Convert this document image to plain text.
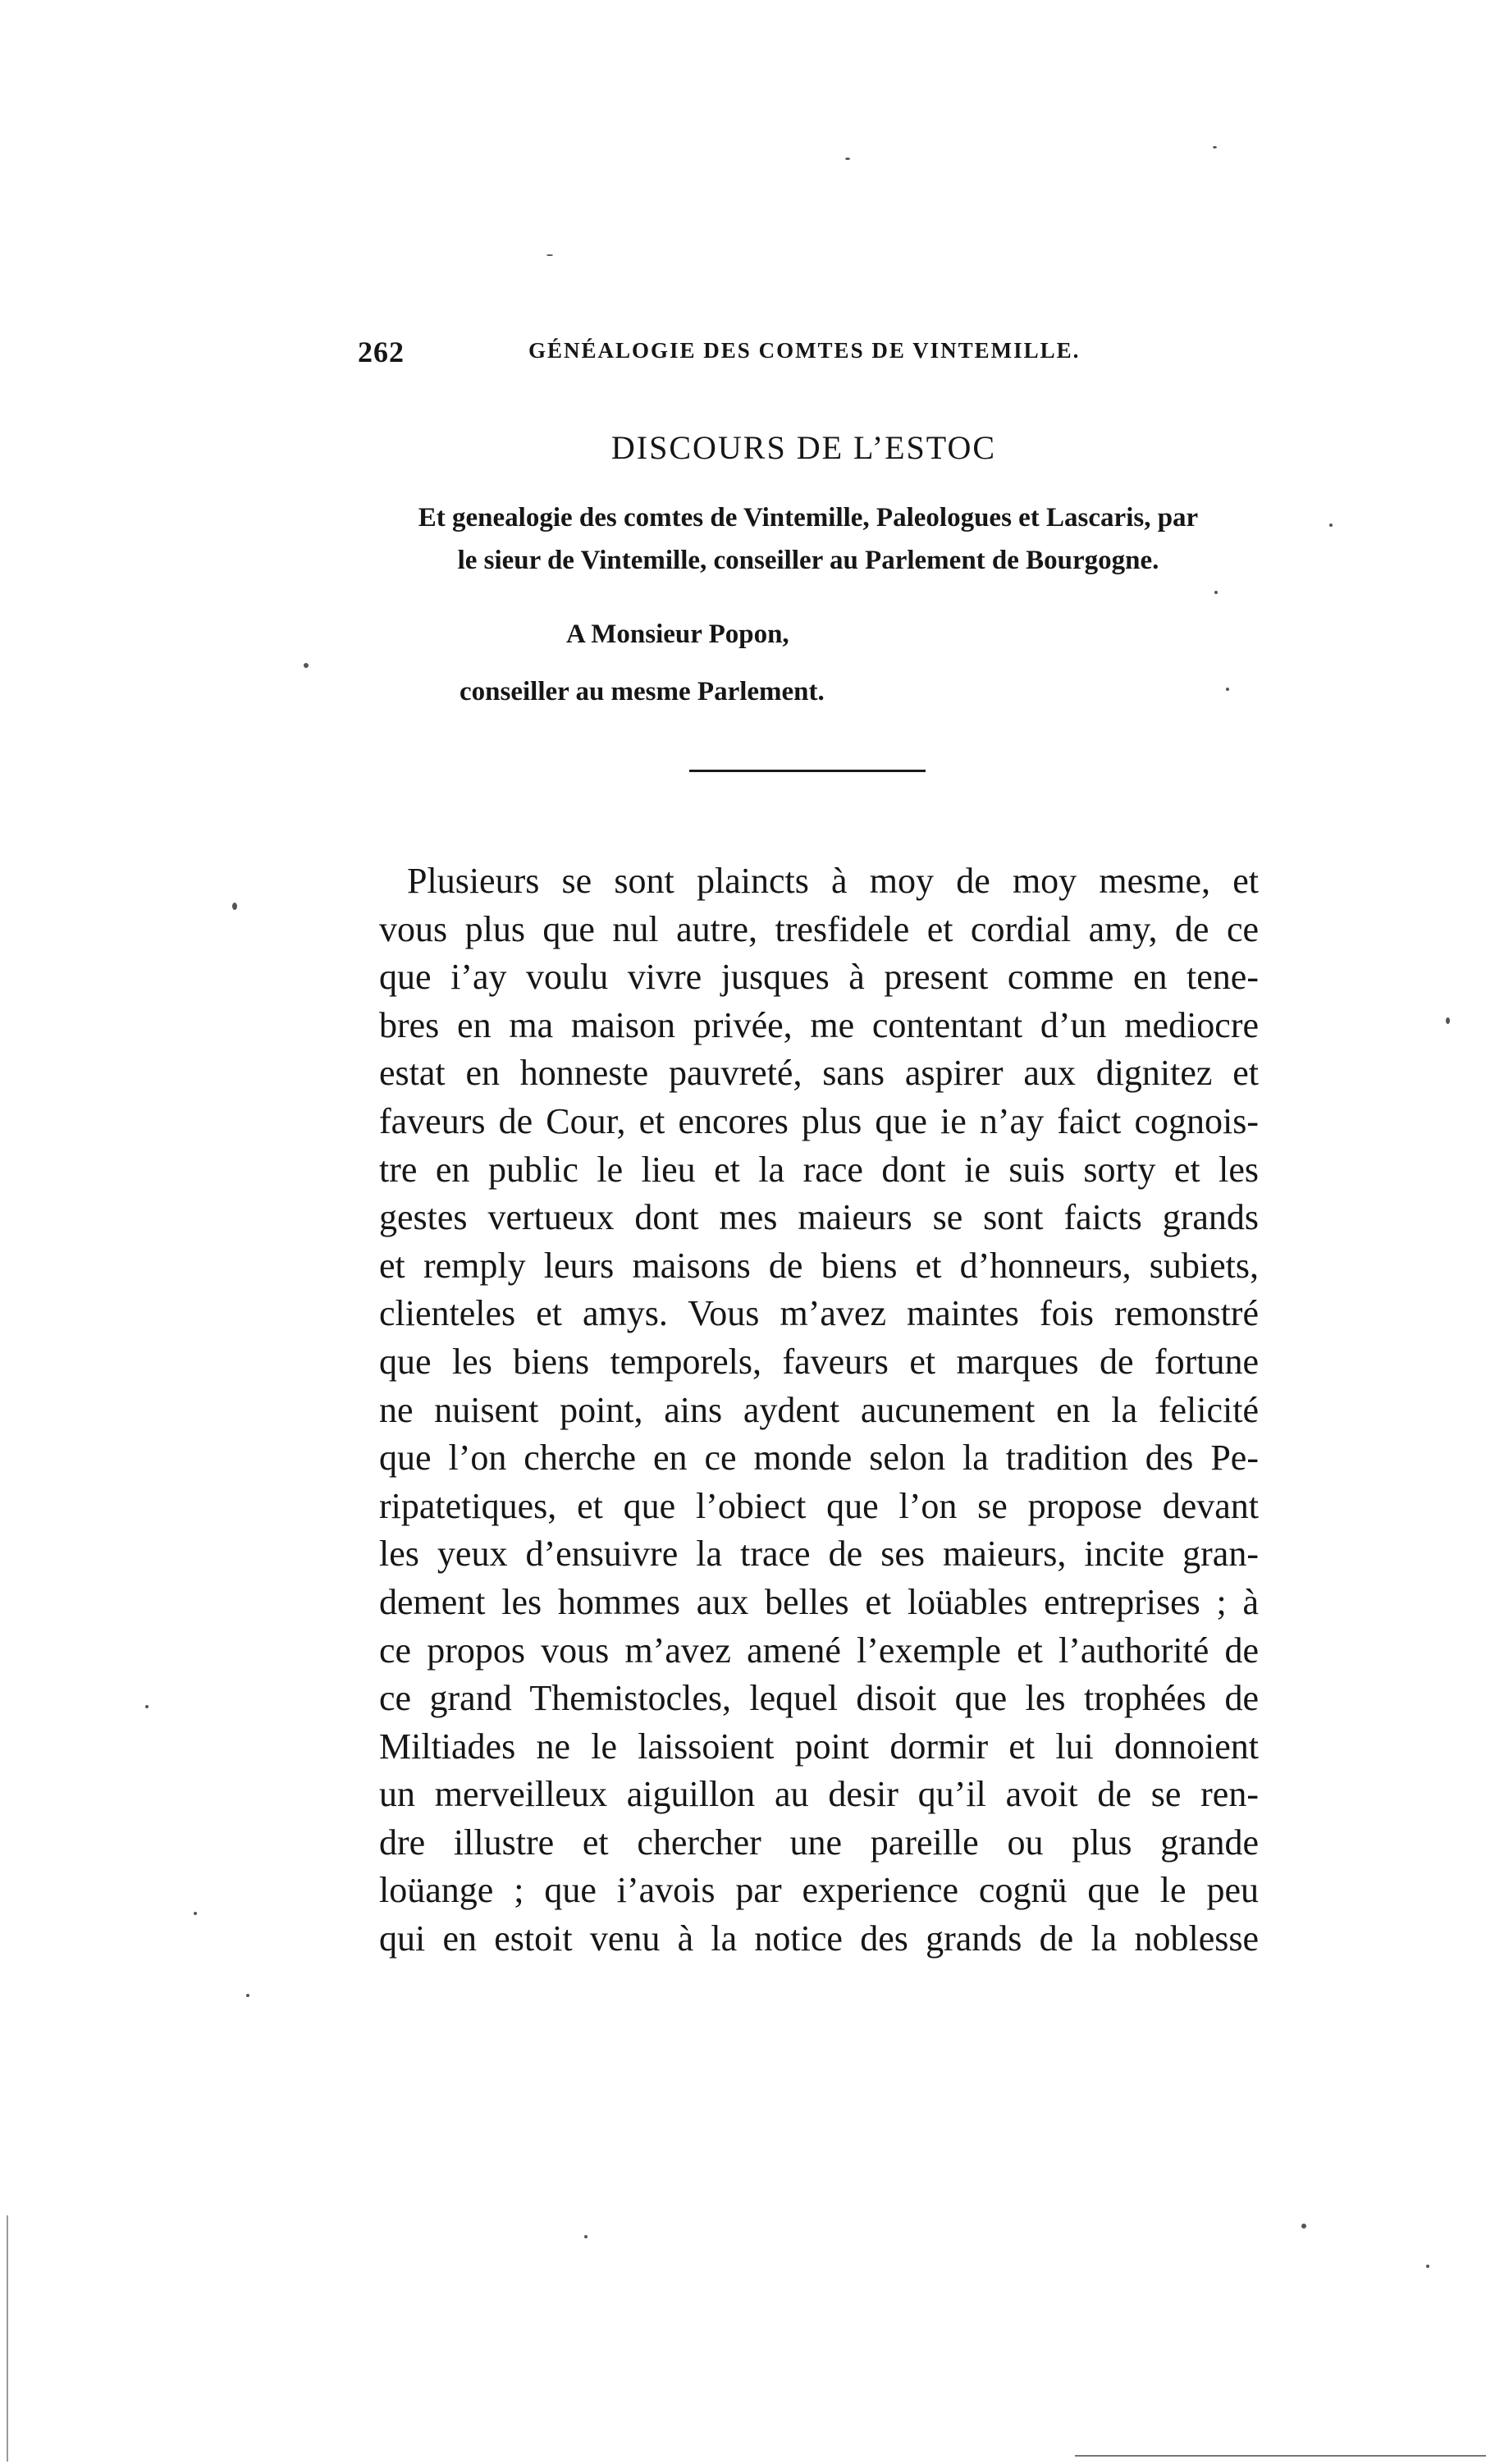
262	GÉNÉALOGIE DES COMTES DE VINTEMILLE.
DISCOURS DE L’ESTOC
Et genealogie des comtes de Vintemille, Paleologues et Lascaris, par
le sieur de Vintemille, conseiller au Parlement de Bourgogne.
A Monsieur Popon,
conseiller au mesme Parlement.
Plusieurs se sont plaincts à moy de moy mesme, et
vous plus que nul autre, tresfidele et cordial amy, de ce
que i’ay voulu vivre jusques à present comme en tene-
bres en ma maison privée, me contentant d’un mediocre
estat en honneste pauvreté, sans aspirer aux dignitez et
faveurs de Cour, et encores plus que ie n’ay faict cognois-
tre en public le lieu et la race dont ie suis sorty et les
gestes vertueux dont mes maieurs se sont faicts grands
et remply leurs maisons de biens et d’honneurs, subiets,
clienteles et amys. Vous m’avez maintes fois remonstré
que les biens temporels, faveurs et marques de fortune
ne nuisent point, ains aydent aucunement en la felicité
que l’on cherche en ce monde selon la tradition des Pe-
ripatetiques, et que l’obiect que l’on se propose devant
les yeux d’ensuivre la trace de ses maieurs, incite gran-
dement les hommes aux belles et loüables entreprises ; à
ce propos vous m’avez amené l’exemple et l’authorité de
ce grand Themistocles, lequel disoit que les trophées de
Miltiades ne le laissoient point dormir et lui donnoient
un merveilleux aiguillon au desir qu’il avoit de se ren-
dre illustre et chercher une pareille ou plus grande
loüange ; que i’avois par experience cognü que le peu
qui en estoit venu à la notice des grands de la noblesse
